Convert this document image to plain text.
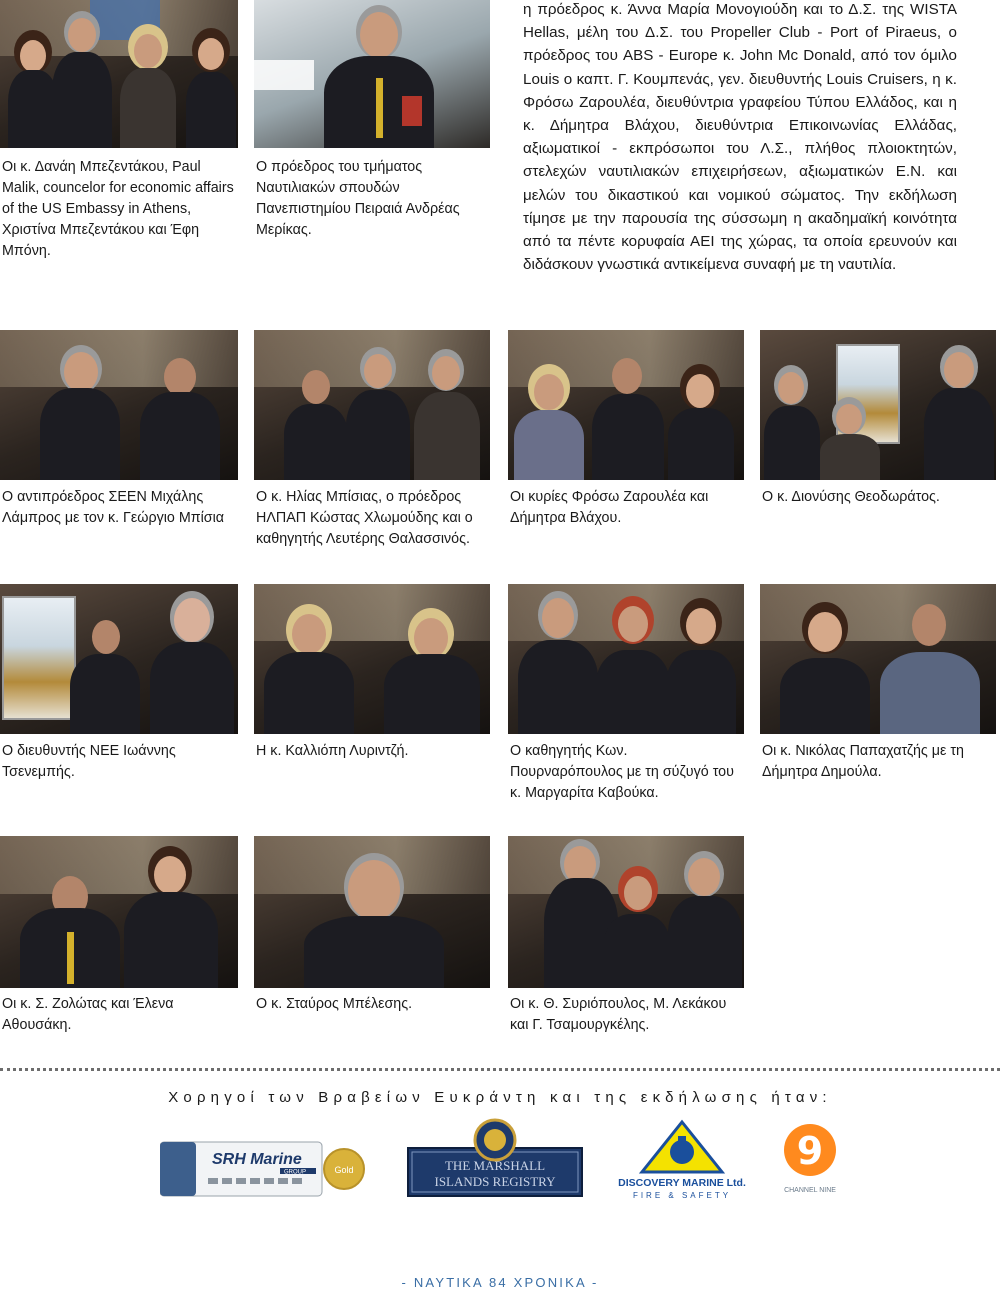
Οι κ. Δανάη Μπεζεντάκου, Paul Malik, councelor for economic affairs of the US Embassy in Athens, Χριστίνα Μπεζεντάκου και Έφη Μπόνη.
Ο πρόεδρος του τμήματος Ναυτιλιακών σπουδών Πανεπιστημίου Πειραιά Ανδρέας Μερίκας.
η πρόεδρος κ. Άννα Μαρία Μονογιούδη και το Δ.Σ. της WISTA Hellas, μέλη του Δ.Σ. του Propeller Club - Port of Piraeus, ο πρόεδρος του ABS - Europe κ. John Mc Donald, από τον όμιλο Louis ο καπτ. Γ. Κουμπενάς, γεν. διευθυντής Louis Cruisers, η κ. Φρόσω Ζαρουλέα, διευθύντρια γραφείου Τύπου Ελλάδος, και η κ. Δήμητρα Βλάχου, διευθύντρια Επικοινωνίας Ελλάδας, αξιωματικοί - εκπρόσωποι του Λ.Σ., πλήθος πλοιοκτητών, στελεχών ναυτιλιακών επιχειρήσεων, αξιωματικών Ε.Ν. και μελών του δικαστικού και νομικού σώματος. Την εκδήλωση τίμησε με την παρουσία της σύσσωμη η ακαδημαϊκή κοινότητα από τα πέντε κορυφαία ΑΕΙ της χώρας, τα οποία ερευνούν και διδάσκουν γνωστικά αντικείμενα συναφή με τη ναυτιλία.
Ο αντιπρόεδρος ΣΕΕΝ Μιχάλης Λάμπρος με τον κ. Γεώργιο Μπίσια
Ο κ. Ηλίας Μπίσιας, ο πρόεδρος ΗΛΠΑΠ Κώστας Χλωμούδης και ο καθηγητής Λευτέρης Θαλασσινός.
Οι κυρίες Φρόσω Ζαρουλέα και Δήμητρα Βλάχου.
Ο κ. Διονύσης Θεοδωράτος.
Ο διευθυντής ΝΕΕ Ιωάννης Τσενεμπής.
Η κ. Καλλιόπη Λυριντζή.	Ο καθηγητής Κων. Πουρναρόπουλος με τη σύζυγό του κ. Μαργαρίτα Καβούκα.
Οι κ. Νικόλας Παπαχατζής με τη Δήμητρα Δημούλα.
Οι κ. Σ. Ζολώτας και Έλενα Αθουσάκη.
Ο κ. Σταύρος Μπέλεσης.	Οι κ. Θ. Συριόπουλος, Μ. Λεκάκου και Γ. Τσαμουργκέλης.
Χορηγοί των Βραβείων Ευκράντη και της εκδήλωσης ήταν:
SRH Marine
GROUP	Gold	THE MARSHALL
ISLANDS REGISTRY	DISCOVERY MARINE Ltd.
FIRE & SAFETY
9
CHANNEL NINE
- ΝΑΥΤΙΚΑ 84 ΧΡΟΝΙΚΑ -
